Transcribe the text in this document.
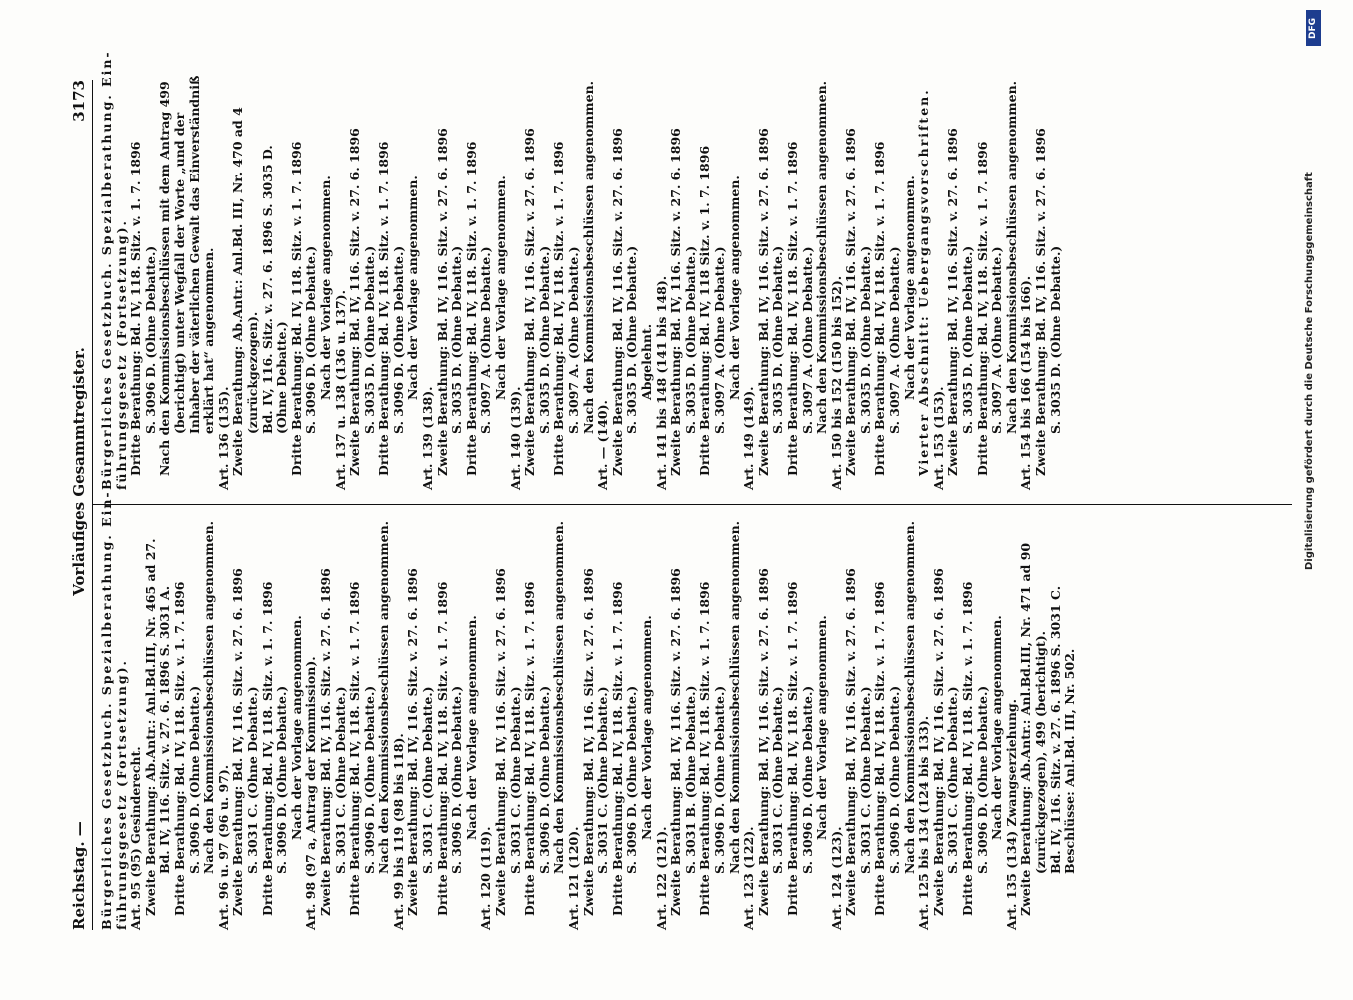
Reichstag. —
Vorläufiges Gesammtregister.
3173
Bürgerliches Gesetzbuch. Spezialberathung. Ein- führungsgesetz (Fortsetzung). Art. 95 (95) Gesinderecht. Zweite Berathung: Ab.Antr.: Anl.Bd.III, Nr. 465 ad 27. Bd. IV, 116. Sitz. v. 27. 6. 1896 S. 3031 A. Dritte Berathung: Bd. IV, 118. Sitz. v. 1. 7. 1896 S. 3096 D. (Ohne Debatte.) Nach den Kommissionsbeschlüssen angenommen. Art. 96 u. 97 (96 u. 97). Zweite Berathung: Bd. IV, 116. Sitz. v. 27. 6. 1896 S. 3031 C. (Ohne Debatte.) Dritte Berathung: Bd. IV, 118. Sitz. v. 1. 7. 1896 S. 3096 D. (Ohne Debatte.) Nach der Vorlage angenommen. Art. 98 (97 a, Antrag der Kommission). Zweite Berathung: Bd. IV, 116. Sitz. v. 27. 6. 1896 S. 3031 C. (Ohne Debatte.) Dritte Berathung: Bd. IV, 118. Sitz. v. 1. 7. 1896 S. 3096 D. (Ohne Debatte.) Nach den Kommissionsbeschlüssen angenommen. Art. 99 bis 119 (98 bis 118). Zweite Berathung: Bd. IV, 116. Sitz. v. 27. 6. 1896 S. 3031 C. (Ohne Debatte.) Dritte Berathung: Bd. IV, 118. Sitz. v. 1. 7. 1896 S. 3096 D. (Ohne Debatte.) Nach der Vorlage angenommen.
Art. 120 (119). Zweite Berathung: Bd. IV, 116. Sitz. v. 27. 6. 1896 S. 3031 C. (Ohne Debatte.) Dritte Berathung: Bd. IV, 118. Sitz. v. 1. 7. 1896 S. 3096 D. (Ohne Debatte.) Nach den Kommissionsbeschlüssen angenommen.
Art. 121 (120). Zweite Berathung: Bd. IV, 116. Sitz. v. 27. 6. 1896 S. 3031 C. (Ohne Debatte.) Dritte Berathung: Bd. IV, 118. Sitz. v. 1. 7. 1896 S. 3096 D. (Ohne Debatte.) Nach der Vorlage angenommen.
Art. 122 (121). Zweite Berathung: Bd. IV, 116. Sitz. v. 27. 6. 1896 S. 3031 B. (Ohne Debatte.) Dritte Berathung: Bd. IV, 118. Sitz. v. 1. 7. 1896 S. 3096 D. (Ohne Debatte.) Nach den Kommissionsbeschlüssen angenommen.
Art. 123 (122). Zweite Berathung: Bd. IV, 116. Sitz. v. 27. 6. 1896 S. 3031 C. (Ohne Debatte.) Dritte Berathung: Bd. IV, 118. Sitz. v. 1. 7. 1896 S. 3096 D. (Ohne Debatte.) Nach der Vorlage angenommen.
Art. 124 (123). Zweite Berathung: Bd. IV, 116. Sitz. v. 27. 6. 1896 S. 3031 C. (Ohne Debatte.) Dritte Berathung: Bd. IV, 118. Sitz. v. 1. 7. 1896 S. 3096 D. (Ohne Debatte.) Nach den Kommissionsbeschlüssen angenommen. Art. 125 bis 134 (124 bis 133). Zweite Berathung: Bd. IV, 116. Sitz. v. 27. 6. 1896 S. 3031 C. (Ohne Debatte.) Dritte Berathung: Bd. IV, 118. Sitz. v. 1. 7. 1896 S. 3096 D. (Ohne Debatte.) Nach der Vorlage angenommen. Art. 135 (134) Zwangserziehung. Zweite Berathung: Ab.Antr.: Anl.Bd.III, Nr. 471 ad 90 (zurückgezogen), 499 (berichtigt). Bd. IV, 116. Sitz. v. 27. 6. 1896 S. 3031 C. Beschlüsse: Anl.Bd. III, Nr. 502.
Bürgerliches Gesetzbuch. Spezialberathung. Ein- führungsgesetz (Fortsetzung). Dritte Berathung: Bd. IV, 118. Sitz. v. 1. 7. 1896 S. 3096 D. (Ohne Debatte.) Nach den Kommissionsbeschlüssen mit dem Antrag 499 (berichtigt) unter Wegfall der Worte „und der Inhaber der väterlichen Gewalt das Einverständniß erklärt hat“ angenommen.
Art. 136 (135). Zweite Berathung: Ab.Antr.: Anl.Bd. III, Nr. 470 ad 4 (zurückgezogen). Bd. IV, 116. Sitz. v. 27. 6. 1896 S. 3035 D. (Ohne Debatte.) Dritte Berathung: Bd. IV, 118. Sitz. v. 1. 7. 1896 S. 3096 D. (Ohne Debatte.) Nach der Vorlage angenommen. Art. 137 u. 138 (136 u. 137). Zweite Berathung: Bd. IV, 116. Sitz. v. 27. 6. 1896 S. 3035 D. (Ohne Debatte.) Dritte Berathung: Bd. IV, 118. Sitz. v. 1. 7. 1896 S. 3096 D. (Ohne Debatte.) Nach der Vorlage angenommen.
Art. 139 (138). Zweite Berathung: Bd. IV, 116. Sitz. v. 27. 6. 1896 S. 3035 D. (Ohne Debatte.) Dritte Berathung: Bd. IV, 118. Sitz. v. 1. 7. 1896 S. 3097 A. (Ohne Debatte.) Nach der Vorlage angenommen.
Art. 140 (139). Zweite Berathung: Bd. IV, 116. Sitz. v. 27. 6. 1896 S. 3035 D. (Ohne Debatte.) Dritte Berathung: Bd. IV, 118. Sitz. v. 1. 7. 1896 S. 3097 A. (Ohne Debatte.) Nach den Kommissionsbeschlüssen angenommen.
Art. — (140). Zweite Berathung: Bd. IV, 116. Sitz. v. 27. 6. 1896 S. 3035 D. (Ohne Debatte.) Abgelehnt. Art. 141 bis 148 (141 bis 148). Zweite Berathung: Bd. IV, 116. Sitz. v. 27. 6. 1896 S. 3035 D. (Ohne Debatte.) Dritte Berathung: Bd. IV, 118 Sitz. v. 1. 7. 1896 S. 3097 A. (Ohne Debatte.) Nach der Vorlage angenommen.
Art. 149 (149). Zweite Berathung: Bd. IV, 116. Sitz. v. 27. 6. 1896 S. 3035 D. (Ohne Debatte.) Dritte Berathung: Bd. IV, 118. Sitz. v. 1. 7. 1896 S. 3097 A. (Ohne Debatte.) Nach den Kommissionsbeschlüssen angenommen. Art. 150 bis 152 (150 bis 152). Zweite Berathung: Bd. IV, 116. Sitz. v. 27. 6. 1896 S. 3035 D. (Ohne Debatte.) Dritte Berathung: Bd. IV, 118. Sitz. v. 1. 7. 1896 S. 3097 A. (Ohne Debatte.) Nach der Vorlage angenommen. Vierter Abschnitt: Uebergangsvorschriften. Art. 153 (153). Zweite Berathung: Bd. IV, 116. Sitz. v. 27. 6. 1896 S. 3035 D. (Ohne Debatte.) Dritte Berathung: Bd. IV, 118. Sitz. v. 1. 7. 1896 S. 3097 A. (Ohne Debatte.) Nach den Kommissionsbeschlüssen angenommen. Art. 154 bis 166 (154 bis 166). Zweite Berathung: Bd. IV, 116. Sitz. v. 27. 6. 1896 S. 3035 D. (Ohne Debatte.)
DFG
Digitalisierung gefördert durch die Deutsche Forschungsgemeinschaft
